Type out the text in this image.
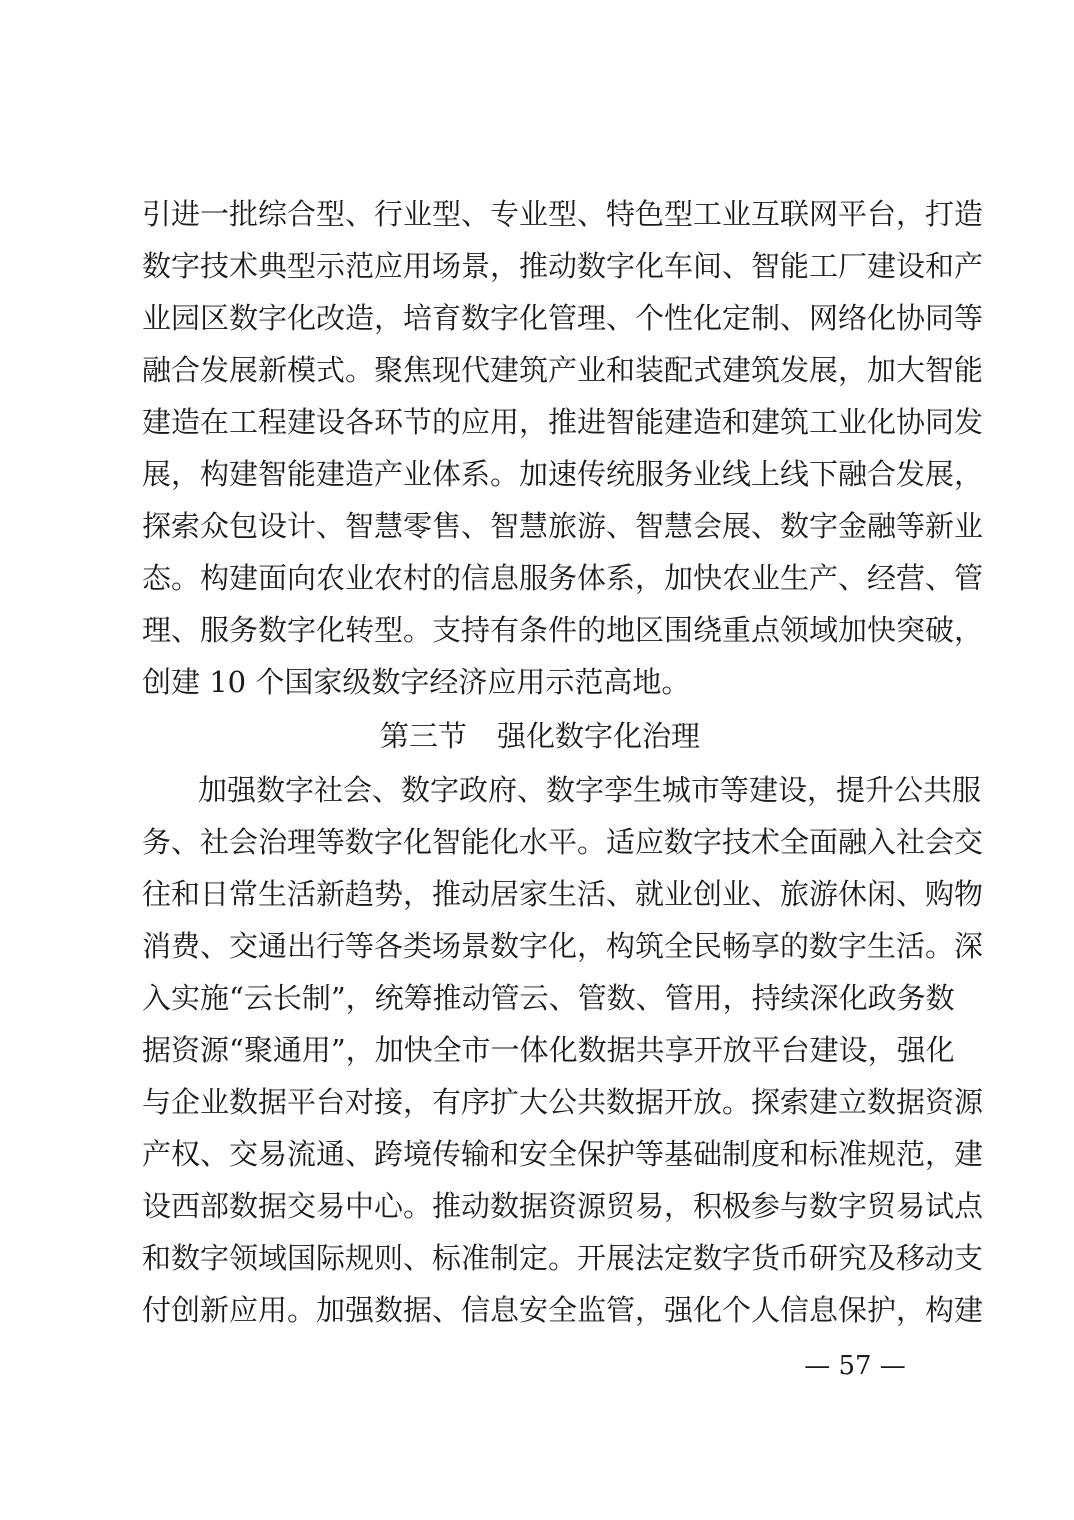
引进一批综合型、行业型、专业型、特色型工业互联网平台，打造
数字技术典型示范应用场景，推动数字化车间、智能工厂建设和产
业园区数字化改造，培育数字化管理、个性化定制、网络化协同等
融合发展新模式。聚焦现代建筑产业和装配式建筑发展，加大智能
建造在工程建设各环节的应用，推进智能建造和建筑工业化协同发
展，构建智能建造产业体系。加速传统服务业线上线下融合发展，
探索众包设计、智慧零售、智慧旅游、智慧会展、数字金融等新业
态。构建面向农业农村的信息服务体系，加快农业生产、经营、管
理、服务数字化转型。支持有条件的地区围绕重点领域加快突破，
创建 10 个国家级数字经济应用示范高地。
第三节 强化数字化治理
加强数字社会、数字政府、数字孪生城市等建设，提升公共服
务、社会治理等数字化智能化水平。适应数字技术全面融入社会交
往和日常生活新趋势，推动居家生活、就业创业、旅游休闲、购物
消费、交通出行等各类场景数字化，构筑全民畅享的数字生活。深
入实施“云长制”，统筹推动管云、管数、管用，持续深化政务数
据资源“聚通用”，加快全市一体化数据共享开放平台建设，强化
与企业数据平台对接，有序扩大公共数据开放。探索建立数据资源
产权、交易流通、跨境传输和安全保护等基础制度和标准规范，建
设西部数据交易中心。推动数据资源贸易，积极参与数字贸易试点
和数字领域国际规则、标准制定。开展法定数字货币研究及移动支
付创新应用。加强数据、信息安全监管，强化个人信息保护，构建
— 57 —
